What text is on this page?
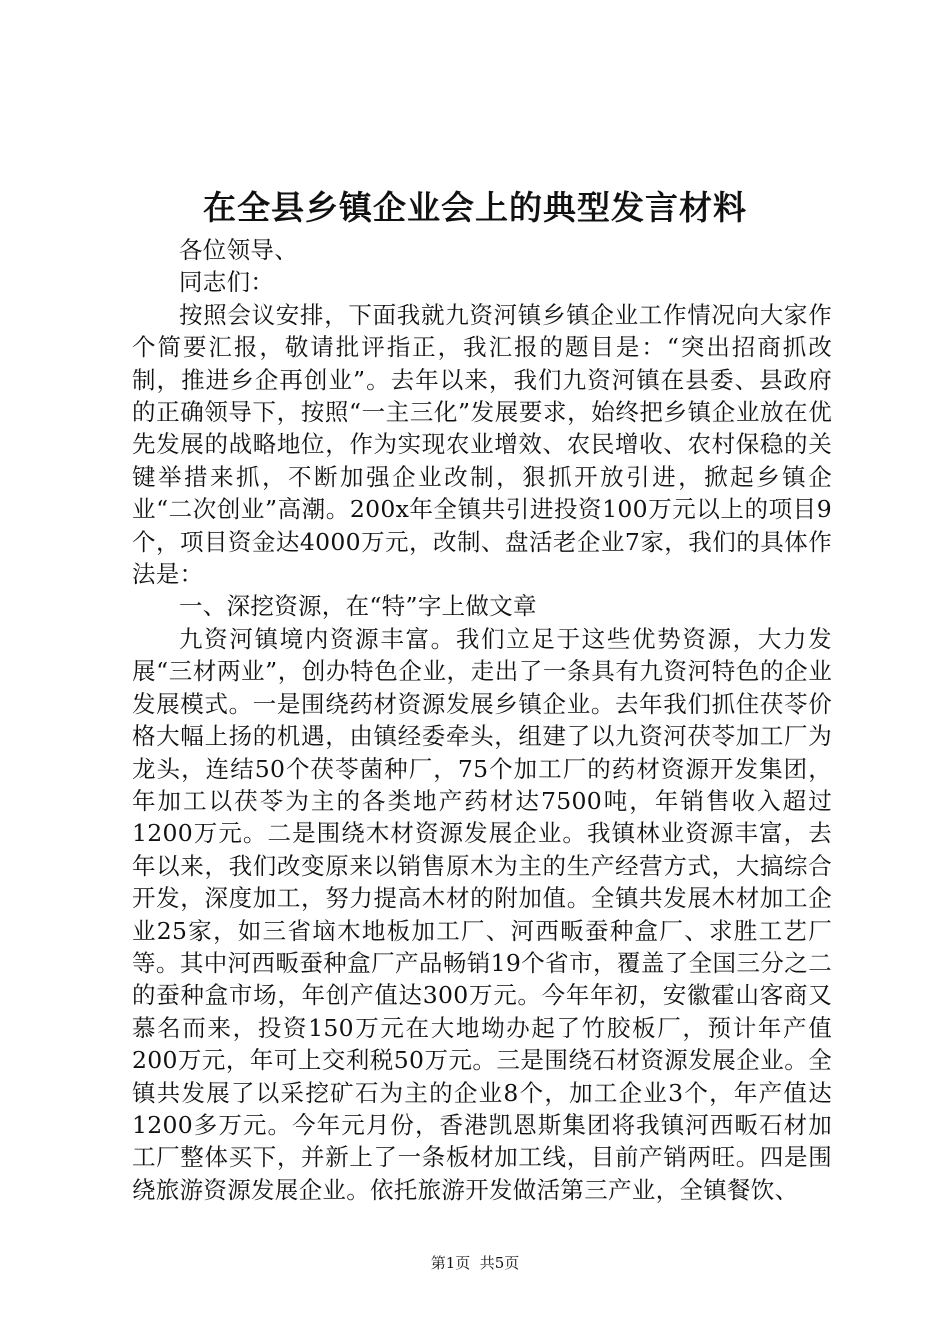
在全县乡镇企业会上的典型发言材料

各位领导、

同志们：

按照会议安排，下面我就九资河镇乡镇企业工作情况向大家作个简要汇报，敬请批评指正，我汇报的题目是：“突出招商抓改制，推进乡企再创业”。去年以来，我们九资河镇在县委、县政府的正确领导下，按照“一主三化”发展要求，始终把乡镇企业放在优先发展的战略地位，作为实现农业增效、农民增收、农村保稳的关键举措来抓，不断加强企业改制，狠抓开放引进，掀起乡镇企业“二次创业”高潮。200x年全镇共引进投资100万元以上的项目9个，项目资金达4000万元，改制、盘活老企业7家，我们的具体作法是：

一、深挖资源，在“特”字上做文章

九资河镇境内资源丰富。我们立足于这些优势资源，大力发展“三材两业”，创办特色企业，走出了一条具有九资河特色的企业发展模式。一是围绕药材资源发展乡镇企业。去年我们抓住茯苓价格大幅上扬的机遇，由镇经委牵头，组建了以九资河茯苓加工厂为龙头，连结50个茯苓菌种厂，75个加工厂的药材资源开发集团，年加工以茯苓为主的各类地产药材达7500吨，年销售收入超过1200万元。二是围绕木材资源发展企业。我镇林业资源丰富，去年以来，我们改变原来以销售原木为主的生产经营方式，大搞综合开发，深度加工，努力提高木材的附加值。全镇共发展木材加工企业25家，如三省垴木地板加工厂、河西畈蚕种盒厂、求胜工艺厂等。其中河西畈蚕种盒厂产品畅销19个省市，覆盖了全国三分之二的蚕种盒市场，年创产值达300万元。今年年初，安徽霍山客商又慕名而来，投资150万元在大地坳办起了竹胶板厂，预计年产值200万元，年可上交利税50万元。三是围绕石材资源发展企业。全镇共发展了以采挖矿石为主的企业8个，加工企业3个，年产值达1200多万元。今年元月份，香港凯恩斯集团将我镇河西畈石材加工厂整体买下，并新上了一条板材加工线，目前产销两旺。四是围绕旅游资源发展企业。依托旅游开发做活第三产业，全镇餐饮、

第1页  共5页
